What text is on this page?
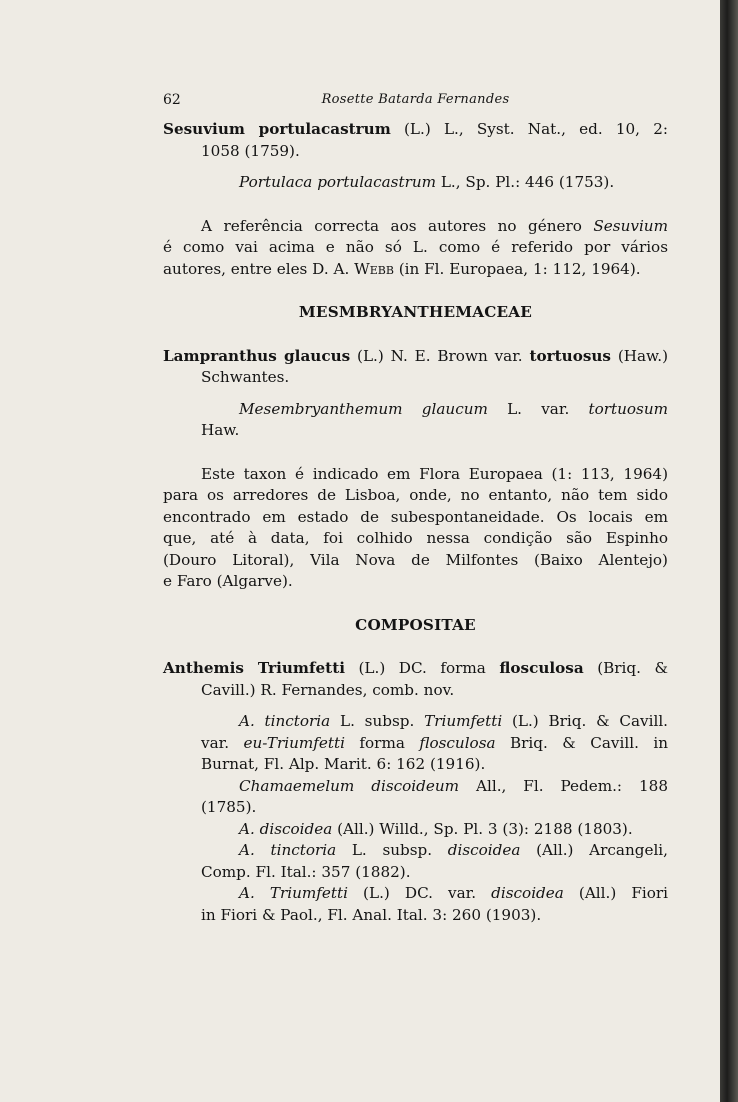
62	Rosette Batarda Fernandes
Sesuvium portulacastrum (L.) L., Syst. Nat., ed. 10, 2:
1058 (1759).
Portulaca portulacastrum L., Sp. Pl.: 446 (1753).
A referência correcta aos autores no género Sesuvium
é como vai acima e não só L. como é referido por vários
autores, entre eles D. A. Webb (in Fl. Europaea, 1: 112, 1964).
MESMBRYANTHEMACEAE
Lampranthus glaucus (L.) N. E. Brown var. tortuosus (Haw.)
Schwantes.
Mesembryanthemum glaucum L. var. tortuosum
Haw.
Este taxon é indicado em Flora Europaea (1: 113, 1964)
para os arredores de Lisboa, onde, no entanto, não tem sido
encontrado em estado de subespontaneidade. Os locais em
que, até à data, foi colhido nessa condição são Espinho
(Douro Litoral), Vila Nova de Milfontes (Baixo Alentejo)
e Faro (Algarve).
COMPOSITAE
Anthemis Triumfetti (L.) DC. forma flosculosa (Briq. &
Cavill.) R. Fernandes, comb. nov.
A. tinctoria L. subsp. Triumfetti (L.) Briq. & Cavill.
var. eu-Triumfetti forma flosculosa Briq. & Cavill. in
Burnat, Fl. Alp. Marit. 6: 162 (1916).
Chamaemelum discoideum All., Fl. Pedem.: 188
(1785).
A. discoidea (All.) Willd., Sp. Pl. 3 (3): 2188 (1803).
A. tinctoria L. subsp. discoidea (All.) Arcangeli,
Comp. Fl. Ital.: 357 (1882).
A. Triumfetti (L.) DC. var. discoidea (All.) Fiori
in Fiori & Paol., Fl. Anal. Ital. 3: 260 (1903).
